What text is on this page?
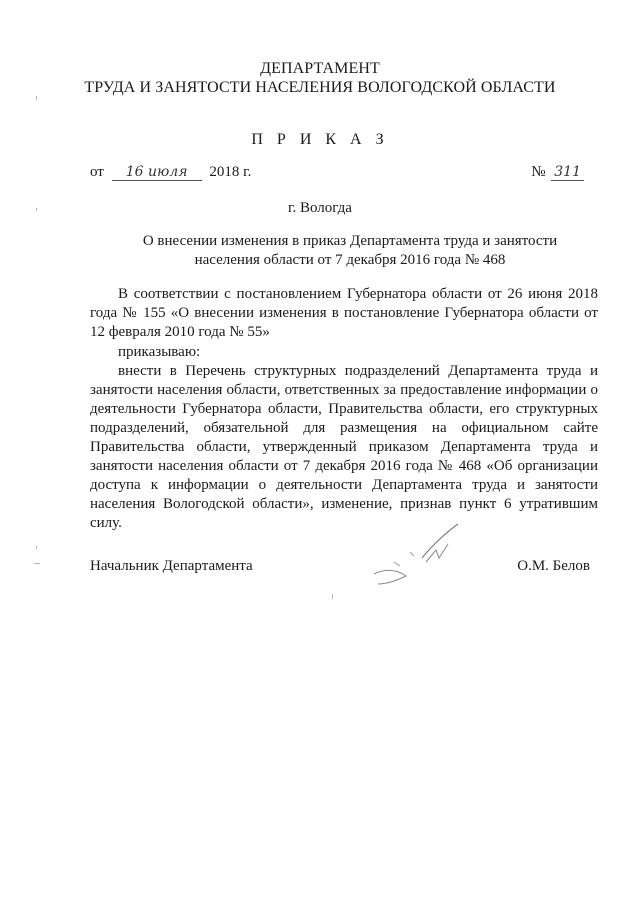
ДЕПАРТАМЕНТ
ТРУДА И ЗАНЯТОСТИ НАСЕЛЕНИЯ ВОЛОГОДСКОЙ ОБЛАСТИ
П Р И К А З
от 16 июля 2018 г.	№ 311
г. Вологда
О внесении изменения в приказ Департамента труда и занятости населения области от 7 декабря 2016 года № 468
В соответствии с постановлением Губернатора области от 26 июня 2018 года № 155 «О внесении изменения в постановление Губернатора области от 12 февраля 2010 года № 55»
приказываю:
внести в Перечень структурных подразделений Департамента труда и занятости населения области, ответственных за предоставление информации о деятельности Губернатора области, Правительства области, его структурных подразделений, обязательной для размещения на официальном сайте Правительства области, утвержденный приказом Департамента труда и занятости населения области от 7 декабря 2016 года № 468 «Об организации доступа к информации о деятельности Департамента труда и занятости населения Вологодской области», изменение, признав пункт 6 утратившим силу.
Начальник Департамента	О.М. Белов
